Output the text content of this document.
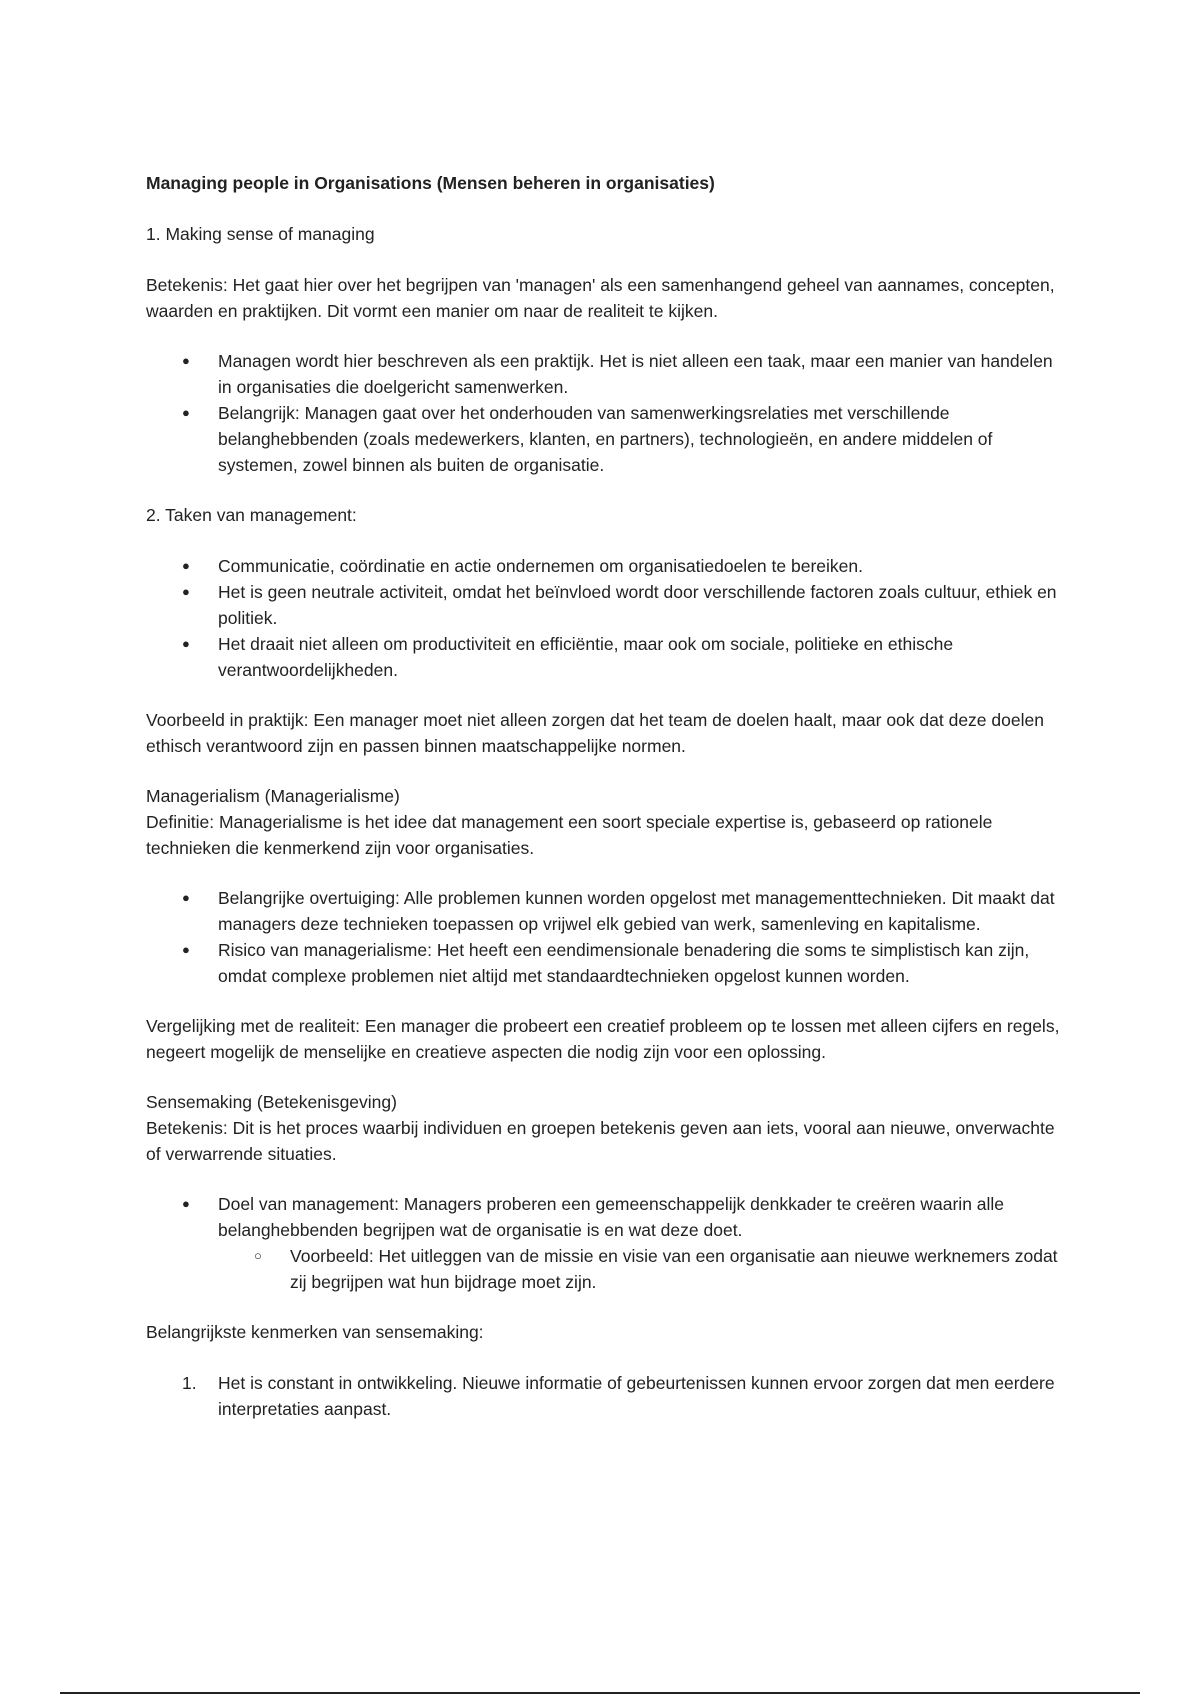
Managing people in Organisations (Mensen beheren in organisaties)
1. Making sense of managing

Betekenis: Het gaat hier over het begrijpen van 'managen' als een samenhangend geheel van aannames, concepten, waarden en praktijken. Dit vormt een manier om naar de realiteit te kijken.

● Managen wordt hier beschreven als een praktijk. Het is niet alleen een taak, maar een manier van handelen in organisaties die doelgericht samenwerken.
● Belangrijk: Managen gaat over het onderhouden van samenwerkingsrelaties met verschillende belanghebbenden (zoals medewerkers, klanten, en partners), technologieën, en andere middelen of systemen, zowel binnen als buiten de organisatie.
2. Taken van management:
● Communicatie, coördinatie en actie ondernemen om organisatiedoelen te bereiken.
● Het is geen neutrale activiteit, omdat het beïnvloed wordt door verschillende factoren zoals cultuur, ethiek en politiek.
● Het draait niet alleen om productiviteit en efficiëntie, maar ook om sociale, politieke en ethische verantwoordelijkheden.

Voorbeeld in praktijk: Een manager moet niet alleen zorgen dat het team de doelen haalt, maar ook dat deze doelen ethisch verantwoord zijn en passen binnen maatschappelijke normen.

Managerialism (Managerialisme)

Definitie: Managerialisme is het idee dat management een soort speciale expertise is, gebaseerd op rationele technieken die kenmerkend zijn voor organisaties.

● Belangrijke overtuiging: Alle problemen kunnen worden opgelost met managementtechnieken. Dit maakt dat managers deze technieken toepassen op vrijwel elk gebied van werk, samenleving en kapitalisme.
● Risico van managerialisme: Het heeft een eendimensionale benadering die soms te simplistisch kan zijn, omdat complexe problemen niet altijd met standaardtechnieken opgelost kunnen worden.

Vergelijking met de realiteit: Een manager die probeert een creatief probleem op te lossen met alleen cijfers en regels, negeert mogelijk de menselijke en creatieve aspecten die nodig zijn voor een oplossing.

Sensemaking (Betekenisgeving)

Betekenis: Dit is het proces waarbij individuen en groepen betekenis geven aan iets, vooral aan nieuwe, onverwachte of verwarrende situaties.

● Doel van management: Managers proberen een gemeenschappelijk denkkader te creëren waarin alle belanghebbenden begrijpen wat de organisatie is en wat deze doet.
○ Voorbeeld: Het uitleggen van de missie en visie van een organisatie aan nieuwe werknemers zodat zij begrijpen wat hun bijdrage moet zijn.
Belangrijkste kenmerken van sensemaking:
1. Het is constant in ontwikkeling. Nieuwe informatie of gebeurtenissen kunnen ervoor zorgen dat men eerdere interpretaties aanpast.
